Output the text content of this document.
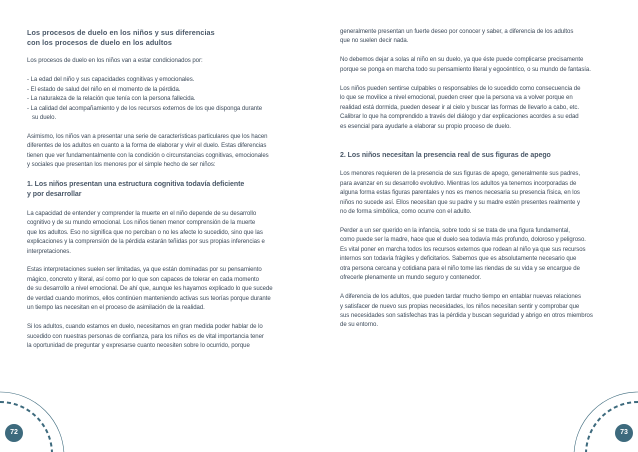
Los procesos de duelo en los niños y sus diferencias
con los procesos de duelo en los adultos

Los procesos de duelo en los niños van a estar condicionados por:

- La edad del niño y sus capacidades cognitivas y emocionales.
- El estado de salud del niño en el momento de la pérdida.
- La naturaleza de la relación que tenía con la persona fallecida.
- La calidad del acompañamiento y de los recursos externos de los que disponga durante
su duelo.
Asimismo, los niños van a presentar una serie de características particulares que los hacen
diferentes de los adultos en cuanto a la forma de elaborar y vivir el duelo. Estas diferencias
tienen que ver fundamentalmente con la condición o circunstancias cognitivas, emocionales
y sociales que presentan los menores por el simple hecho de ser niños:
1. Los niños presentan una estructura cognitiva todavía deficiente
y por desarrollar
La capacidad de entender y comprender la muerte en el niño depende de su desarrollo
cognitivo y de su mundo emocional. Los niños tienen menor comprensión de la muerte
que los adultos. Eso no significa que no perciban o no les afecte lo sucedido, sino que las
explicaciones y la comprensión de la pérdida estarán teñidas por sus propias inferencias e
interpretaciones.
Estas interpretaciones suelen ser limitadas, ya que están dominadas por su pensamiento
mágico, concreto y literal, así como por lo que son capaces de tolerar en cada momento
de su desarrollo a nivel emocional. De ahí que, aunque les hayamos explicado lo que sucede
de verdad cuando morimos, ellos continúen manteniendo activas sus teorías porque durante
un tiempo las necesitan en el proceso de asimilación de la realidad.
Si los adultos, cuando estamos en duelo, necesitamos en gran medida poder hablar de lo
sucedido con nuestras personas de confianza, para los niños es de vital importancia tener
la oportunidad de preguntar y expresarse cuanto necesiten sobre lo ocurrido, porque
generalmente presentan un fuerte deseo por conocer y saber, a diferencia de los adultos
que no suelen decir nada.
No debemos dejar a solas al niño en su duelo, ya que éste puede complicarse precisamente
porque se ponga en marcha todo su pensamiento literal y egocéntrico, o su mundo de fantasía.
Los niños pueden sentirse culpables o responsables de lo sucedido como consecuencia de
lo que se movilice a nivel emocional, pueden creer que la persona va a volver porque en
realidad está dormida, pueden desear ir al cielo y buscar las formas de llevarlo a cabo, etc.
Calibrar lo que ha comprendido a través del diálogo y dar explicaciones acordes a su edad
es esencial para ayudarle a elaborar su propio proceso de duelo.
2. Los niños necesitan la presencia real de sus figuras de apego
Los menores requieren de la presencia de sus figuras de apego, generalmente sus padres,
para avanzar en su desarrollo evolutivo. Mientras los adultos ya tenemos incorporadas de
alguna forma estas figuras parentales y nos es menos necesaria su presencia física, en los
niños no sucede así. Ellos necesitan que su padre y su madre estén presentes realmente y
no de forma simbólica, como ocurre con el adulto.
Perder a un ser querido en la infancia, sobre todo si se trata de una figura fundamental,
como puede ser la madre, hace que el duelo sea todavía más profundo, doloroso y peligroso.
Es vital poner en marcha todos los recursos externos que rodean al niño ya que sus recursos
internos son todavía frágiles y deficitarios. Sabemos que es absolutamente necesario que
otra persona cercana y cotidiana para el niño tome las riendas de su vida y se encargue de
ofrecerle plenamente un mundo seguro y contenedor.
A diferencia de los adultos, que pueden tardar mucho tiempo en entablar nuevas relaciones
y satisfacer de nuevo sus propias necesidades, los niños necesitan sentir y comprobar que
sus necesidades son satisfechas tras la pérdida y buscan seguridad y abrigo en otros miembros
de su entorno.
72	73
